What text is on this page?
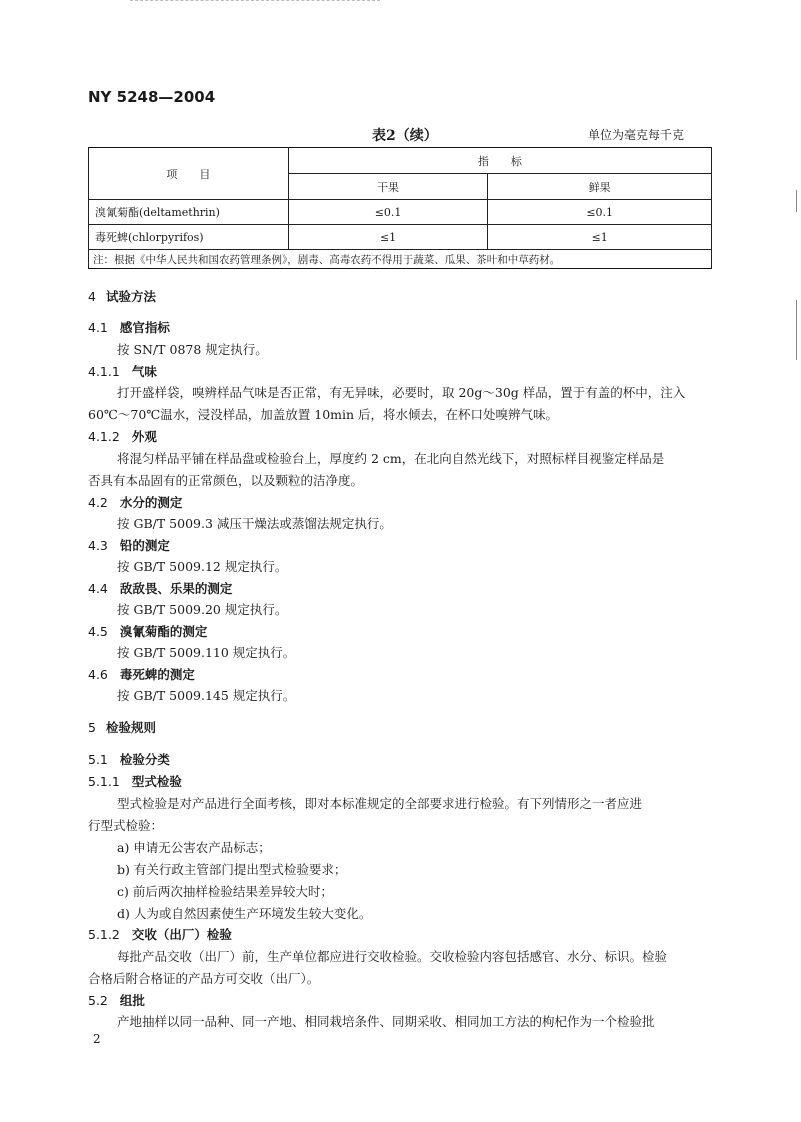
NY 5248—2004
表2（续）	单位为毫克每千克
项　　目	指　　标	
	干果	鲜果
溴氰菊酯(deltamethrin)	≤0.1	≤0.1
毒死蜱(chlorpyrifos)	≤1	≤1
注：根据《中华人民共和国农药管理条例》，剧毒、高毒农药不得用于蔬菜、瓜果、茶叶和中草药材。		
4 试验方法
4.1 感官指标
按 SN/T 0878 规定执行。
4.1.1 气味
打开盛样袋，嗅辨样品气味是否正常，有无异味，必要时，取 20g～30g 样品，置于有盖的杯中，注入
60℃～70℃温水，浸没样品，加盖放置 10min 后，将水倾去，在杯口处嗅辨气味。
4.1.2 外观
将混匀样品平铺在样品盘或检验台上，厚度约 2 cm，在北向自然光线下，对照标样目视鉴定样品是
否具有本品固有的正常颜色，以及颗粒的洁净度。
4.2 水分的测定
按 GB/T 5009.3 减压干燥法或蒸馏法规定执行。
4.3 铅的测定
按 GB/T 5009.12 规定执行。
4.4 敌敌畏、乐果的测定
按 GB/T 5009.20 规定执行。
4.5 溴氰菊酯的测定
按 GB/T 5009.110 规定执行。
4.6 毒死蜱的测定
按 GB/T 5009.145 规定执行。
5 检验规则
5.1 检验分类
5.1.1 型式检验
型式检验是对产品进行全面考核，即对本标准规定的全部要求进行检验。有下列情形之一者应进
行型式检验：
a) 申请无公害农产品标志；
b) 有关行政主管部门提出型式检验要求；
c) 前后两次抽样检验结果差异较大时；
d) 人为或自然因素使生产环境发生较大变化。
5.1.2 交收（出厂）检验
每批产品交收（出厂）前，生产单位都应进行交收检验。交收检验内容包括感官、水分、标识。检验
合格后附合格证的产品方可交收（出厂）。
5.2 组批
产地抽样以同一品种、同一产地、相同栽培条件、同期采收、相同加工方法的枸杞作为一个检验批
2
